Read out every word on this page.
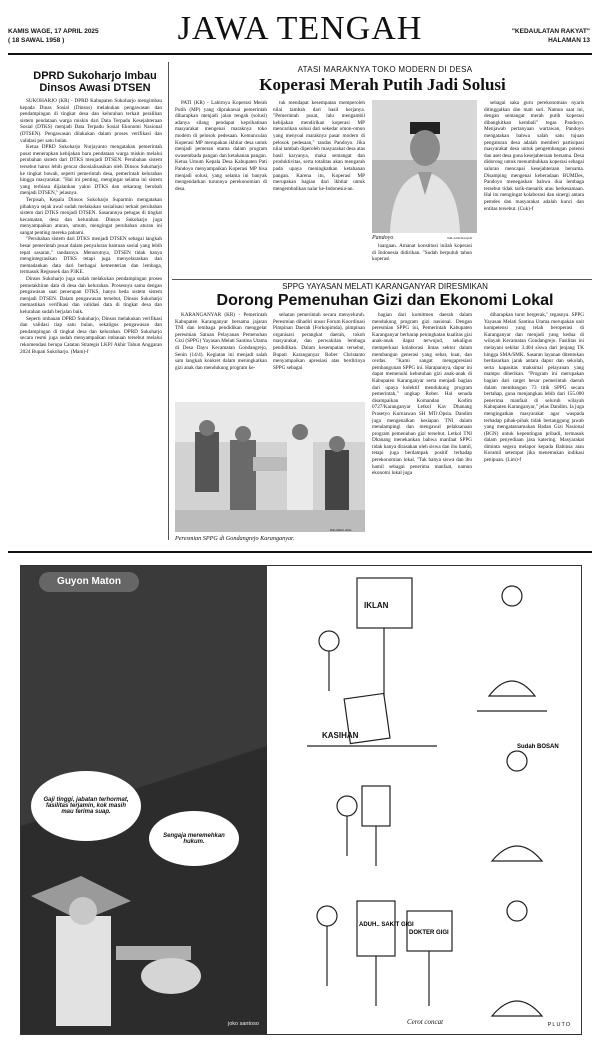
KAMIS WAGE, 17 APRIL 2025
( 18 SAWAL 1958 )	JAWA TENGAH	"KEDAULATAN RAKYAT"
HALAMAN 13
DPRD Sukoharjo Imbau
Dinsos Awasi DTSEN

SUKOHARJO (KR) - DPRD Kabupaten Sukoharjo mengimbau kepada Dinas Sosial (Dinsos) melakukan pengawasan dan pendampingan di tingkat desa dan kelurahan terkait peralihan sistem pendataan warga miskin dari Data Terpadu Kesejahteraan Sosial (DTKS) menjadi Data Terpadu Sosial Ekonomi Nasional (DTSEN). Pengawasan dilakukan dalam proses verifikasi dan validasi per satu bulan.

Ketua DPRD Sukoharjo Nurjayanto mengatakan pemerintah pusat menerapkan kebijakan baru pendataan warga miskin melalui perubahan sistem dari DTKS menjadi DTSEN. Perubahan sistem tersebut harus lebih gencar disosialisasikan oleh Dinsos Sukoharjo ke tingkat bawah, seperti pemerintah desa, pemerintah kelurahan hingga masyarakat. "Hal ini penting, mengingat selama ini sistem yang terbiasa dijalankan yakni DTKS dan sekarang berubah menjadi DTSEN," jelasnya.

Terpisah, Kepala Dinsos Sukoharjo Suparmin mengatakan pihaknya sejak awal sudah melakukan sosialisasi terkait perubahan sistem dari DTKS menjadi DTSEN. Sasarannya petugas di tingkat kecamatan, desa dan kelurahan. Dinsos Sukoharjo juga menyampaikan aturan, umum, mengingat perubahan aturan ini sangat penting mereka pahami.

"Perubahan sistem dari DTKS menjadi DTSEN sebagai langkah besar pemerintah pusat dalam penyaluran bantuan sosial yang lebih tepat sasaran," tandasnya. Menurutnya, DTSEN tidak hanya mengintegrasikan DTKS tetapi juga menyelaraskan dan memadankan data dari berbagai kementerian dan lembaga, termasuk Regsosek dan P3KE.

Dinsos Sukoharjo juga sudah melakukan pendampingan proses pemutakhiran data di desa dan kelurahan. Prosesnya sama dengan pengawasan saat penerapan DTKS, hanya beda sistem sistem menjadi DTSEN. Dalam pengawasan tersebut, Dinsos Sukoharjo memastikan verifikasi dan validasi data di tingkat desa dan kelurahan sudah berjalan baik.

Seperti imbauan DPRD Sukoharjo, Dinsos melakukan verifikasi dan validasi tiap satu bulan, sekaligus pengawasan dan pendampingan di tingkat desa dan kelurahan. DPRD Sukoharjo secara resmi juga sudah menyampaikan imbauan tersebut melalui rekomendasi berupa Catatan Strategis LKPJ Akhir Tahun Anggaran 2024 Bupati Sukoharjo. (Mam)-f

ATASI MARAKNYA TOKO MODERN DI DESA
Koperasi Merah Putih Jadi Solusi

PATI (KR) - Lahirnya Koperasi Merah Putih (MP) yang diprakarsai pemerintah diharapkan menjadi jalan tengah (solusi) adanya silang pendapat keprihatinan masyarakat mengenai maraknya toko modern di pelosok pedesaan. Kemunculan Koperasi MP merupakan ikhtiar desa untuk menjadi pemeran utama dalam program swasembada pangan dan ketahanan pangan. Ketua Umum Kepala Desa Kabupaten Pati Pandoyo menyampaikan Koperasi MP bisa menjadi solusi, yang selama ini banyak mengendarkan turunnya perekonomian di desa.

tuk mendapat kesempatan memperoleh nilai tambah dari hasil kerjanya. "Pemerintah pusat, lalu mengambil kebijakan mendirikan koperasi MP mencarikan solusi dari sekedar omon-omon yang menyoal maraknya pasar modern di pelosok pedesaan," tandas Pandoyo. Jika nilai tambah diperoleh masyarakat desa atas hasil karyanya, maka semangat dan produktivitas, serta totalitas akan mengarah pada upaya meningkatkan ketahanan pangan. Karena itu, Koperasi MP merupakan bagian dari ikhtiar untuk mengembalikan nalar ke-Indonesia-an.

Pandoyo	KR-Abid Rasyidi

luargaan. Amanat konstitusi inilah koperasi di Indonesia didirikan. "Sudah berpuluh tahun koperasi

sebagai saka guru perekonomian nyaris ditinggalkan dan mati suri. Namun saat ini, dengan semangat merah putih koperasi dibangkitkan kembali" tegas Pandoyo. Menjawab pertanyaan wartawan, Pandoyo mengatakan bahwa salah satu tujuan pengaturan desa adalah memberi partisipasi masyarakat desa untuk pengembangan potensi dan aset desa guna kesejahteraan bersama. Desa didorong untuk menumbuhkan koperasi sebagai saluran mencapai kesejahteraan bersama. Disamping mengenai keberadaan BUMDes, Pandoyo menegaskan bahwa dua lembaga tersebut tidak tarik-menarik atau berkesamaan. Hal itu mengingat kolaborasi dan sinergi antara pemdes dan masyarakat adalah kunci dan entitas tersebut. (Cuk)-f

SPPG YAYASAN MELATI KARANGANYAR DIRESMIKAN
Dorong Pemenuhan Gizi dan Ekonomi Lokal

KARANGANYAR (KR) - Pemerintah Kabupaten Karanganyar bersama jajaran TNI dan lembaga pendidikan menggelar peresmian Satuan Pelayanan Pemenuhan Gizi (SPPG) Yayasan Melati Santina Utama di Desa Dayu Kecamatan Gondangrejo, Senin (14/4). Kegiatan ini menjadi salah satu langkah konkret dalam meningkatkan gizi anak dan mendukung program ke-

sehatan pemerintah secara menyeluruh. Peresmian dihadiri unsur Forum Koordinasi Pimpinan Daerah (Forkopimda), pimpinan organisasi perangkat daerah, tokoh masyarakat, dan perwakilan lembaga pendidikan. Dalam kesempatan tersebut, Bupati Karanganyar Rober Christanto menyampaikan apresiasi atas berdirinya SPPG sebagai

Peresmian SPPG di Gondangrejo Karanganyar.
KR-Abdul Alim

bagian dari komitmen daerah dalam mendukung program gizi nasional. Dengan peresmian SPPG ini, Pemerintah Kabupaten Karanganyar berharap peningkatan kualitas gizi anak-anak dapat terwujud, sekaligus memperkuat kolaborasi lintas sektor dalam membangun generasi yang sehat, kuat, dan cerdas. "Kami sangat mengapresiasi pembangunan SPPG ini. Harapannya, dapur ini dapat memenuhi kebutuhan gizi anak-anak di Kabupaten Karanganyar serta menjadi bagian dari upaya kolektif mendukung program pemerintah," ungkap Rober. Hal senada disampaikan Komandan Kodim 0727/Karanganyar Letkol Kav Dhanang Prasetyo Kurniawan SH MTr.Opsla. Dandim juga mengenalkan kesiapan TNI dalam mendampingi dan mengawal pelaksanaan program pemenuhan gizi tersebut. Letkol TNI Dhanang menekankan bahwa manfaat SPPG tidak hanya dirasakan oleh siswa dan ibu hamil, tetapi juga berdampak positif terhadap perekonomian lokal. "Tak hanya siswa dan ibu hamil sebagai penerima manfaat, namun ekonomi lokal juga

diharapkan turut bergerak," tegasnya. SPPG Yayasan Melati Santina Utama merupakan unit kompetensi yang telah beroperasi di Karanganyar dan menjadi yang kedua di wilayah Kecamatan Gondangrejo. Fasilitas ini melayani sekitar 3.404 siswa dari jenjang TK hingga SMA/SMK. Sasaran layanan ditentukan berdasarkan jarak antara dapur dan sekolah, serta kapasitas maksimal pelayanan yang mampu diberikan. "Program ini merupakan bagian dari target besar pemerintah daerah dalam membangun 73 titik SPPG secara bertahap, guna menjangkau lebih dari 155.000 penerima manfaat di seluruh wilayah Kabupaten Karanganyar," jelas Dandim. Ia juga mengingatkan masyarakat agar waspada terhadap pihak-pihak tidak bertanggung jawab yang mengatasnamakan Badan Gizi Nasional (BGN) untuk kepentingan pribadi, termasuk dalam penyediaan jasa katering. Masyarakat diminta segera melapor kepada Babinsa atau Koramil setempat jika menemukan indikasi penipuan. (Lim)-f

Guyon Maton
Gaji tinggi, jabatan terhormat, fasilitas terjamin, kok masih mau terima suap.
Sengaja meremehkan hukum.
joko santoso
IKLAN
KASIHAN
ADUH.. SAKIT GIGI
DOKTER GIGI
Sudah BOSAN
Cerot concat	PLUTO
